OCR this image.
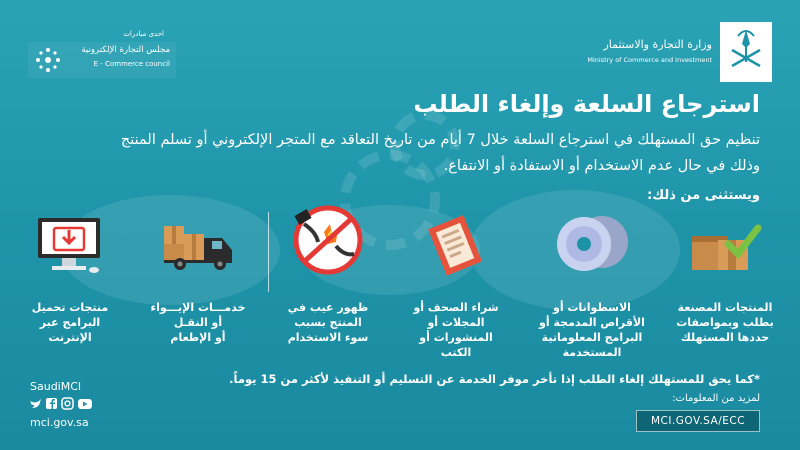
احدى مبادرات
مجلس التجارة الإلكترونية
E - Commerce council
وزارة التجارة والاستثمار
Ministry of Commerce and Investment
استرجاع السلعة وإلغاء الطلب
تنظيم حق المستهلك في استرجاع السلعة خلال 7 أيام من تاريخ التعاقد مع المتجر الإلكتروني أو تسلم المنتج
وذلك في حال عدم الاستخدام أو الاستفادة أو الانتفاع.
ويستثنى من ذلك:
المنتجات المصنعة
بطلب وبمواصفات
حددها المستهلك
الاسطوانات أو
الأقراص المدمجة أو
البرامج المعلوماتية
المستخدمة
شراء الصحف أو
المجلات أو
المنشورات أو
الكتب
ظهور عيب في
المنتج بسبب
سوء الاستخدام
خدمـــات الإيـــواء
أو النقـل
أو الإطعام
منتجات تحميل
البرامج عبر
الإنترنت
*كما يحق للمستهلك إلغاء الطلب إذا تأخر موفر الخدمة عن التسليم أو التنفيذ لأكثر من 15 يوماً.
SaudiMCI
mci.gov.sa
لمزيد من المعلومات:
MCI.GOV.SA/ECC
